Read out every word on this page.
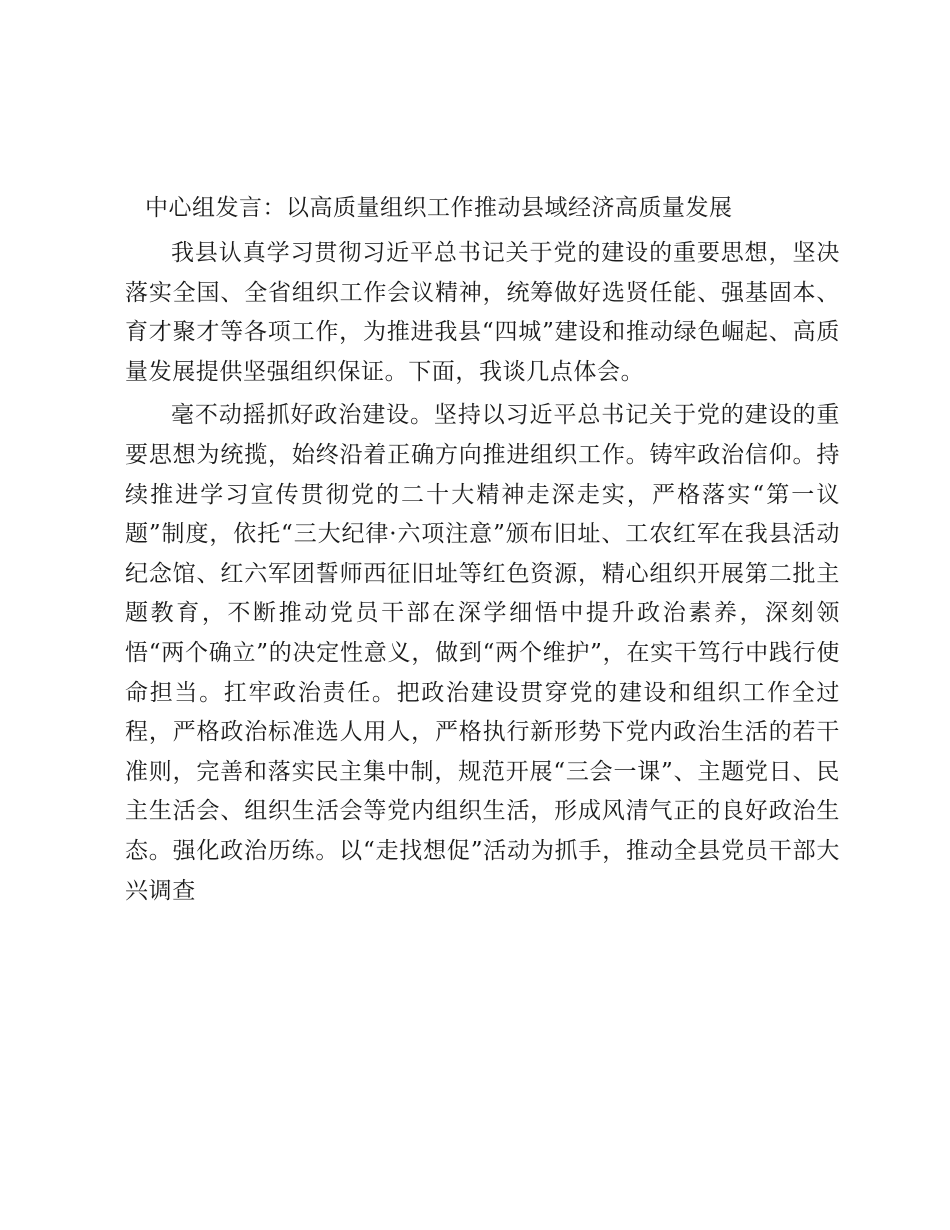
中心组发言：以高质量组织工作推动县域经济高质量发展

我县认真学习贯彻习近平总书记关于党的建设的重要思想，坚决落实全国、全省组织工作会议精神，统筹做好选贤任能、强基固本、育才聚才等各项工作，为推进我县“四城”建设和推动绿色崛起、高质量发展提供坚强组织保证。下面，我谈几点体会。

毫不动摇抓好政治建设。坚持以习近平总书记关于党的建设的重要思想为统揽，始终沿着正确方向推进组织工作。铸牢政治信仰。持续推进学习宣传贯彻党的二十大精神走深走实，严格落实“第一议题”制度，依托“三大纪律·六项注意”颁布旧址、工农红军在我县活动纪念馆、红六军团誓师西征旧址等红色资源，精心组织开展第二批主题教育，不断推动党员干部在深学细悟中提升政治素养，深刻领悟“两个确立”的决定性意义，做到“两个维护”，在实干笃行中践行使命担当。扛牢政治责任。把政治建设贯穿党的建设和组织工作全过程，严格政治标准选人用人，严格执行新形势下党内政治生活的若干准则，完善和落实民主集中制，规范开展“三会一课”、主题党日、民主生活会、组织生活会等党内组织生活，形成风清气正的良好政治生态。强化政治历练。以“走找想促”活动为抓手，推动全县党员干部大兴调查
